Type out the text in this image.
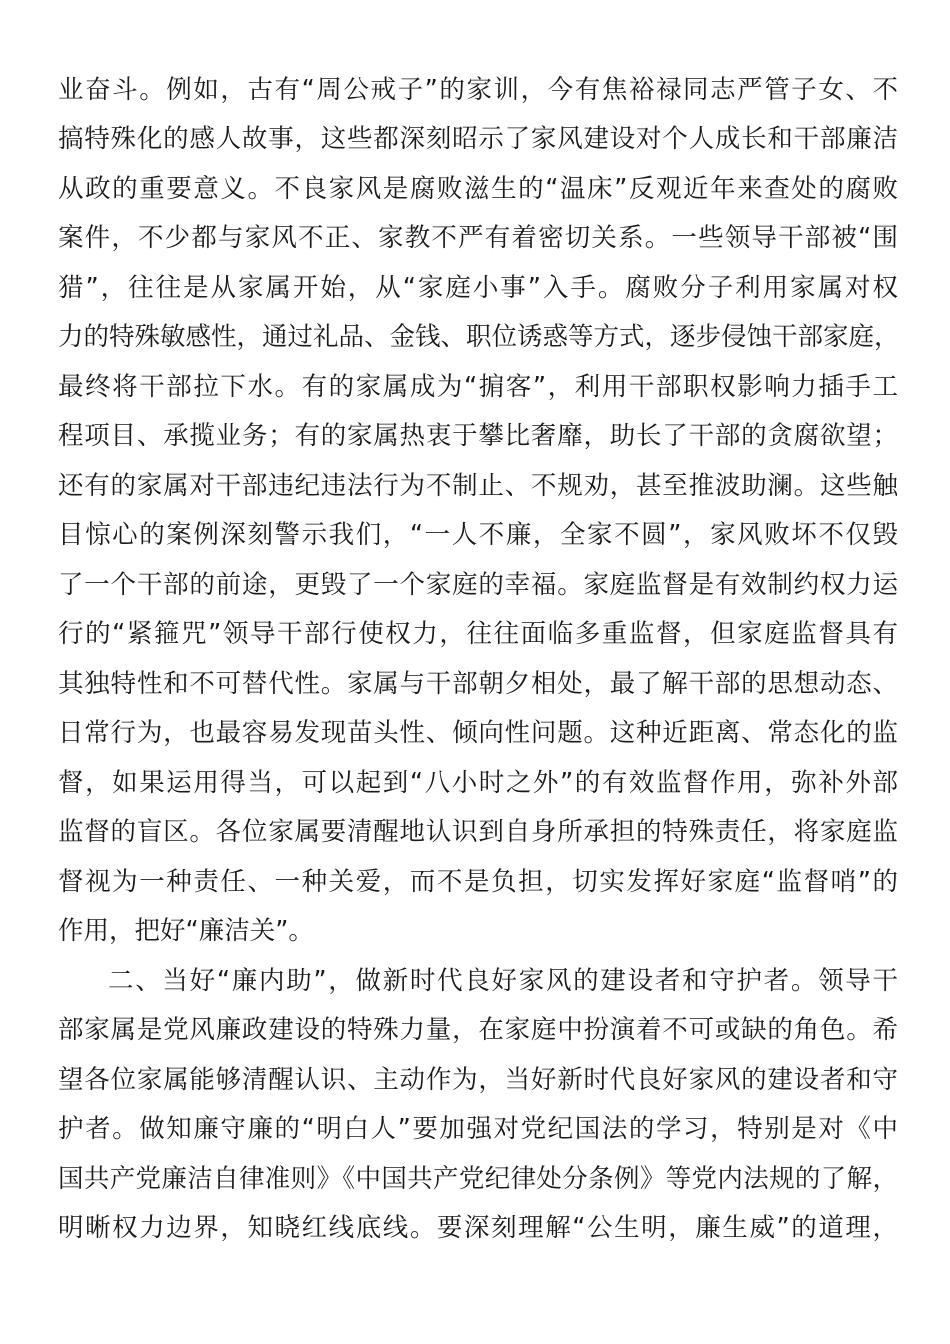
业奋斗。例如，古有“周公戒子”的家训，今有焦裕禄同志严管子女、不
搞特殊化的感人故事，这些都深刻昭示了家风建设对个人成长和干部廉洁
从政的重要意义。不良家风是腐败滋生的“温床”反观近年来查处的腐败
案件，不少都与家风不正、家教不严有着密切关系。一些领导干部被“围
猎”，往往是从家属开始，从“家庭小事”入手。腐败分子利用家属对权
力的特殊敏感性，通过礼品、金钱、职位诱惑等方式，逐步侵蚀干部家庭，
最终将干部拉下水。有的家属成为“掮客”，利用干部职权影响力插手工
程项目、承揽业务；有的家属热衷于攀比奢靡，助长了干部的贪腐欲望；
还有的家属对干部违纪违法行为不制止、不规劝，甚至推波助澜。这些触
目惊心的案例深刻警示我们，“一人不廉，全家不圆”，家风败坏不仅毁
了一个干部的前途，更毁了一个家庭的幸福。家庭监督是有效制约权力运
行的“紧箍咒”领导干部行使权力，往往面临多重监督，但家庭监督具有
其独特性和不可替代性。家属与干部朝夕相处，最了解干部的思想动态、
日常行为，也最容易发现苗头性、倾向性问题。这种近距离、常态化的监
督，如果运用得当，可以起到“八小时之外”的有效监督作用，弥补外部
监督的盲区。各位家属要清醒地认识到自身所承担的特殊责任，将家庭监
督视为一种责任、一种关爱，而不是负担，切实发挥好家庭“监督哨”的
作用，把好“廉洁关”。
二、当好“廉内助”，做新时代良好家风的建设者和守护者。领导干
部家属是党风廉政建设的特殊力量，在家庭中扮演着不可或缺的角色。希
望各位家属能够清醒认识、主动作为，当好新时代良好家风的建设者和守
护者。做知廉守廉的“明白人”要加强对党纪国法的学习，特别是对《中
国共产党廉洁自律准则》《中国共产党纪律处分条例》等党内法规的了解，
明晰权力边界，知晓红线底线。要深刻理解“公生明，廉生威”的道理，
